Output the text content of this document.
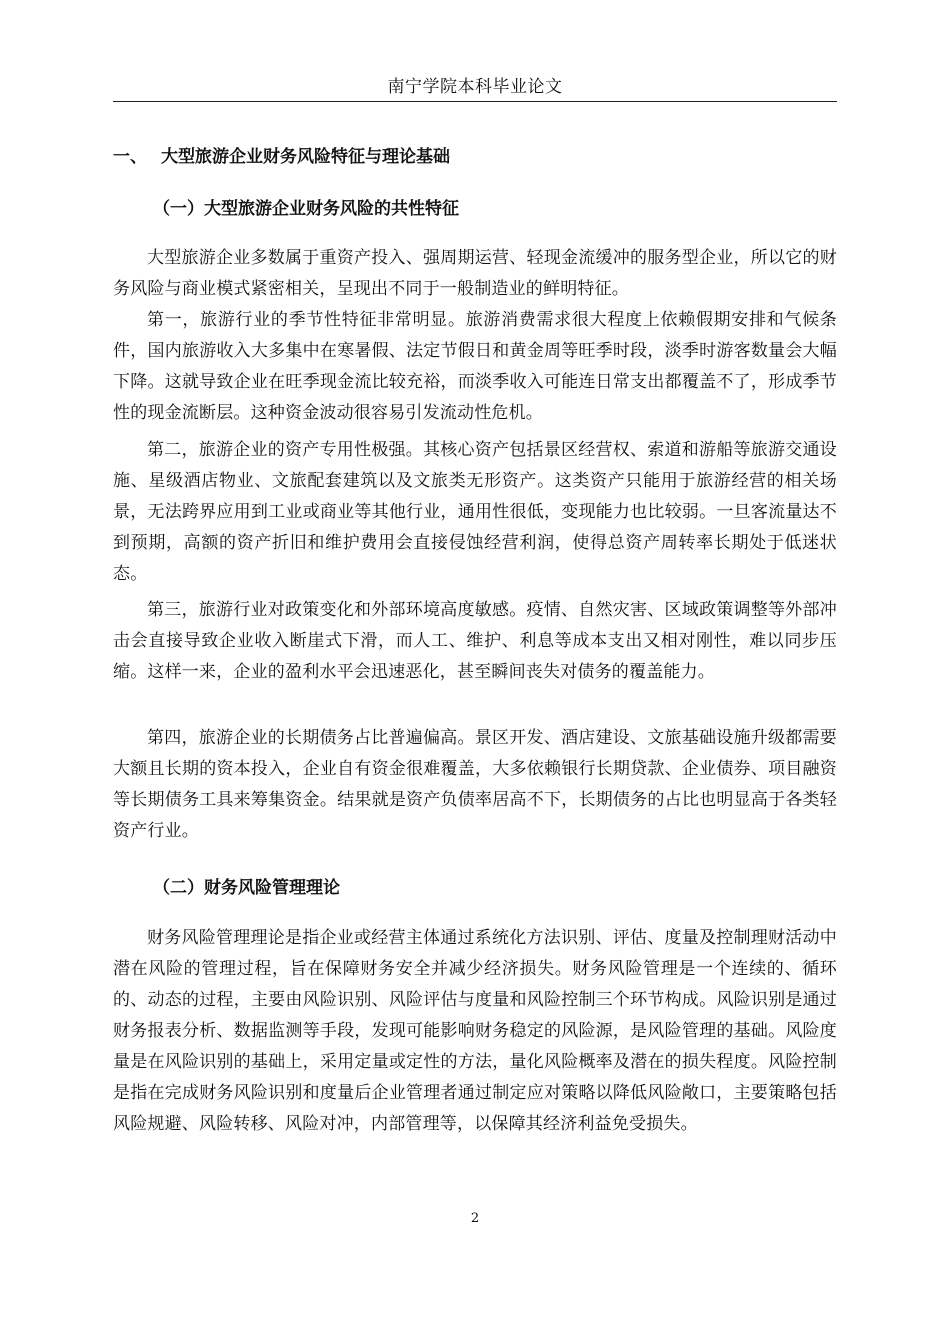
南宁学院本科毕业论文
一、 大型旅游企业财务风险特征与理论基础
（一）大型旅游企业财务风险的共性特征

大型旅游企业多数属于重资产投入、强周期运营、轻现金流缓冲的服务型企业，所以它的财务风险与商业模式紧密相关，呈现出不同于一般制造业的鲜明特征。

第一，旅游行业的季节性特征非常明显。旅游消费需求很大程度上依赖假期安排和气候条件，国内旅游收入大多集中在寒暑假、法定节假日和黄金周等旺季时段，淡季时游客数量会大幅下降。这就导致企业在旺季现金流比较充裕，而淡季收入可能连日常支出都覆盖不了，形成季节性的现金流断层。这种资金波动很容易引发流动性危机。

第二，旅游企业的资产专用性极强。其核心资产包括景区经营权、索道和游船等旅游交通设施、星级酒店物业、文旅配套建筑以及文旅类无形资产。这类资产只能用于旅游经营的相关场景，无法跨界应用到工业或商业等其他行业，通用性很低，变现能力也比较弱。一旦客流量达不到预期，高额的资产折旧和维护费用会直接侵蚀经营利润，使得总资产周转率长期处于低迷状态。

第三，旅游行业对政策变化和外部环境高度敏感。疫情、自然灾害、区域政策调整等外部冲击会直接导致企业收入断崖式下滑，而人工、维护、利息等成本支出又相对刚性，难以同步压缩。这样一来，企业的盈利水平会迅速恶化，甚至瞬间丧失对债务的覆盖能力。

第四，旅游企业的长期债务占比普遍偏高。景区开发、酒店建设、文旅基础设施升级都需要大额且长期的资本投入，企业自有资金很难覆盖，大多依赖银行长期贷款、企业债券、项目融资等长期债务工具来筹集资金。结果就是资产负债率居高不下，长期债务的占比也明显高于各类轻资产行业。

（二）财务风险管理理论

财务风险管理理论是指企业或经营主体通过系统化方法识别、评估、度量及控制理财活动中潜在风险的管理过程，旨在保障财务安全并减少经济损失。财务风险管理是一个连续的、循环的、动态的过程，主要由风险识别、风险评估与度量和风险控制三个环节构成。风险识别是通过财务报表分析、数据监测等手段，发现可能影响财务稳定的风险源，是风险管理的基础。风险度量是在风险识别的基础上，采用定量或定性的方法，量化风险概率及潜在的损失程度。风险控制是指在完成财务风险识别和度量后企业管理者通过制定应对策略以降低风险敞口，主要策略包括风险规避、风险转移、风险对冲，内部管理等，以保障其经济利益免受损失。

2
